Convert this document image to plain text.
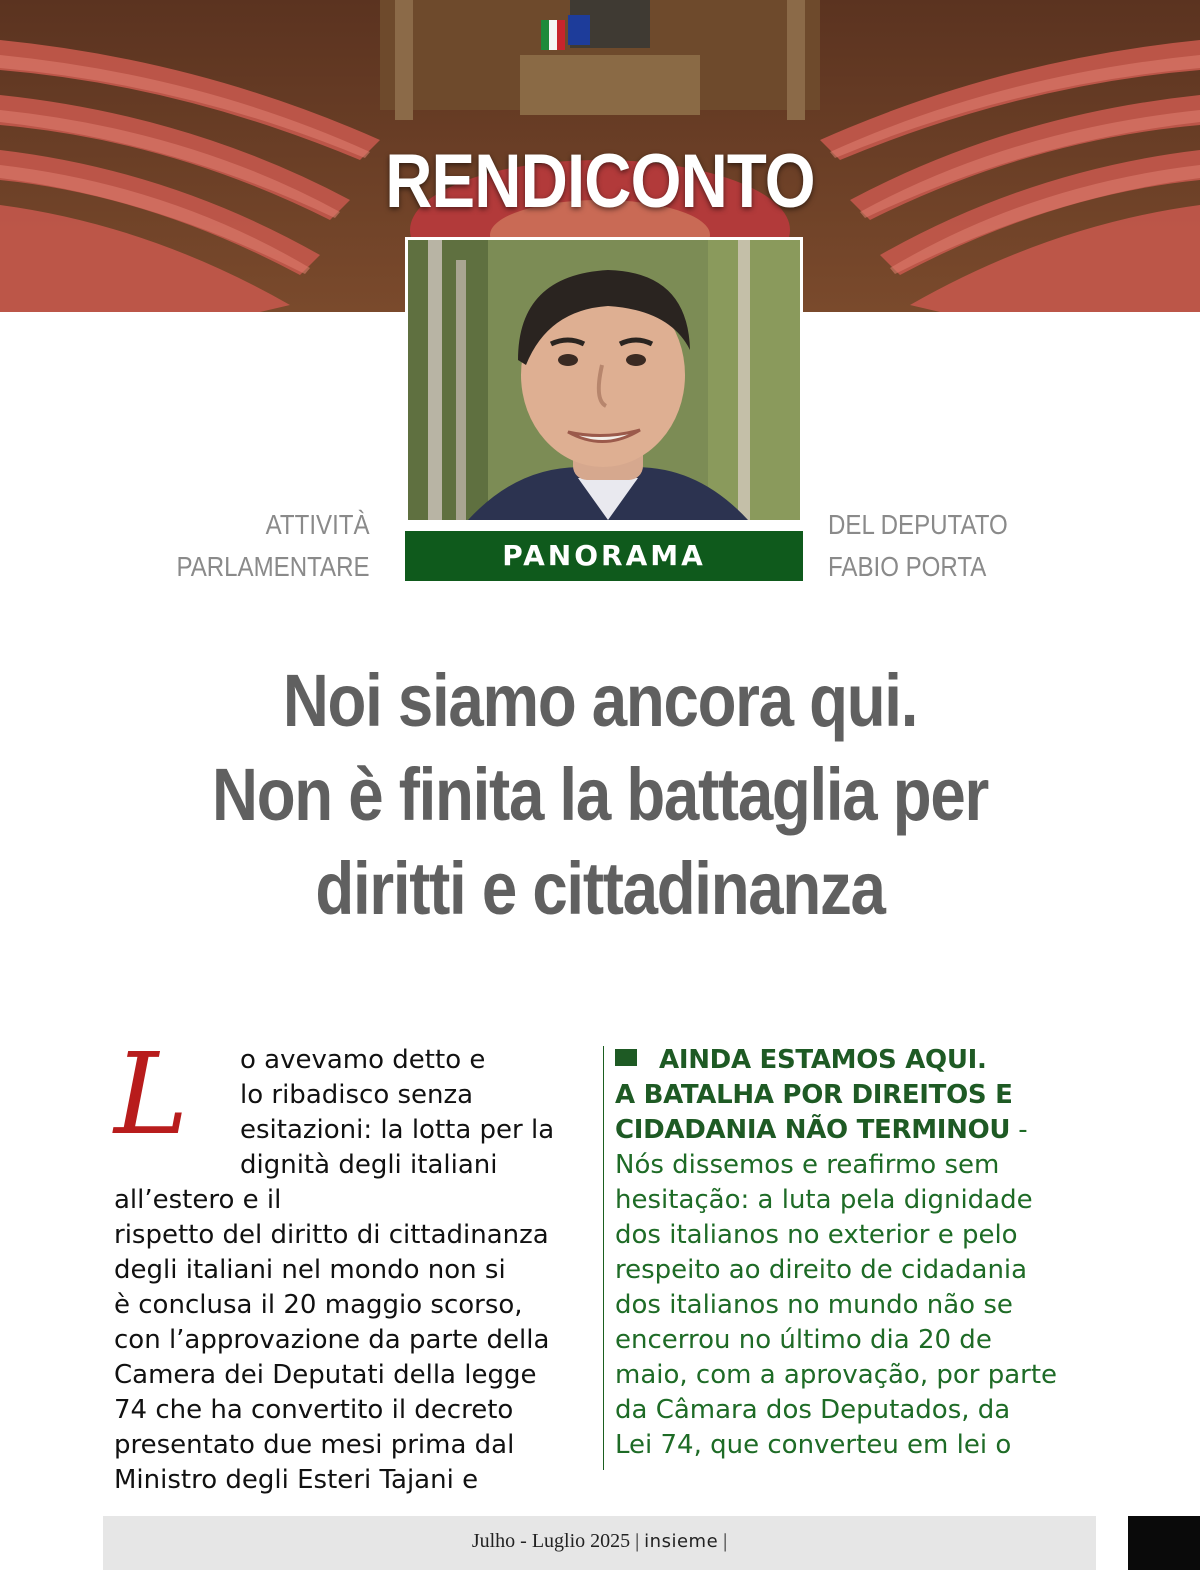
RENDICONTO
PANORAMA
ATTIVITÀ
PARLAMENTARE
DEL DEPUTATO
FABIO PORTA
Noi siamo ancora qui.
Non è finita la battaglia per
diritti e cittadinanza
L	o avevamo detto e
lo ribadisco senza
esitazioni: la lotta per la
dignità degli italiani all’estero e il
rispetto del diritto di cittadinanza
degli italiani nel mondo non si
è conclusa il 20 maggio scorso,
con l’approvazione da parte della
Camera dei Deputati della legge
74 che ha convertito il decreto
presentato due mesi prima dal
Ministro degli Esteri Tajani e

AINDA ESTAMOS AQUI.
A BATALHA POR DIREITOS E
CIDADANIA NÃO TERMINOU -

Nós dissemos e reafirmo sem
hesitação: a luta pela dignidade
dos italianos no exterior e pelo
respeito ao direito de cidadania
dos italianos no mundo não se
encerrou no último dia 20 de
maio, com a aprovação, por parte
da Câmara dos Deputados, da
Lei 74, que converteu em lei o

Julho - Luglio 2025 | insieme |
